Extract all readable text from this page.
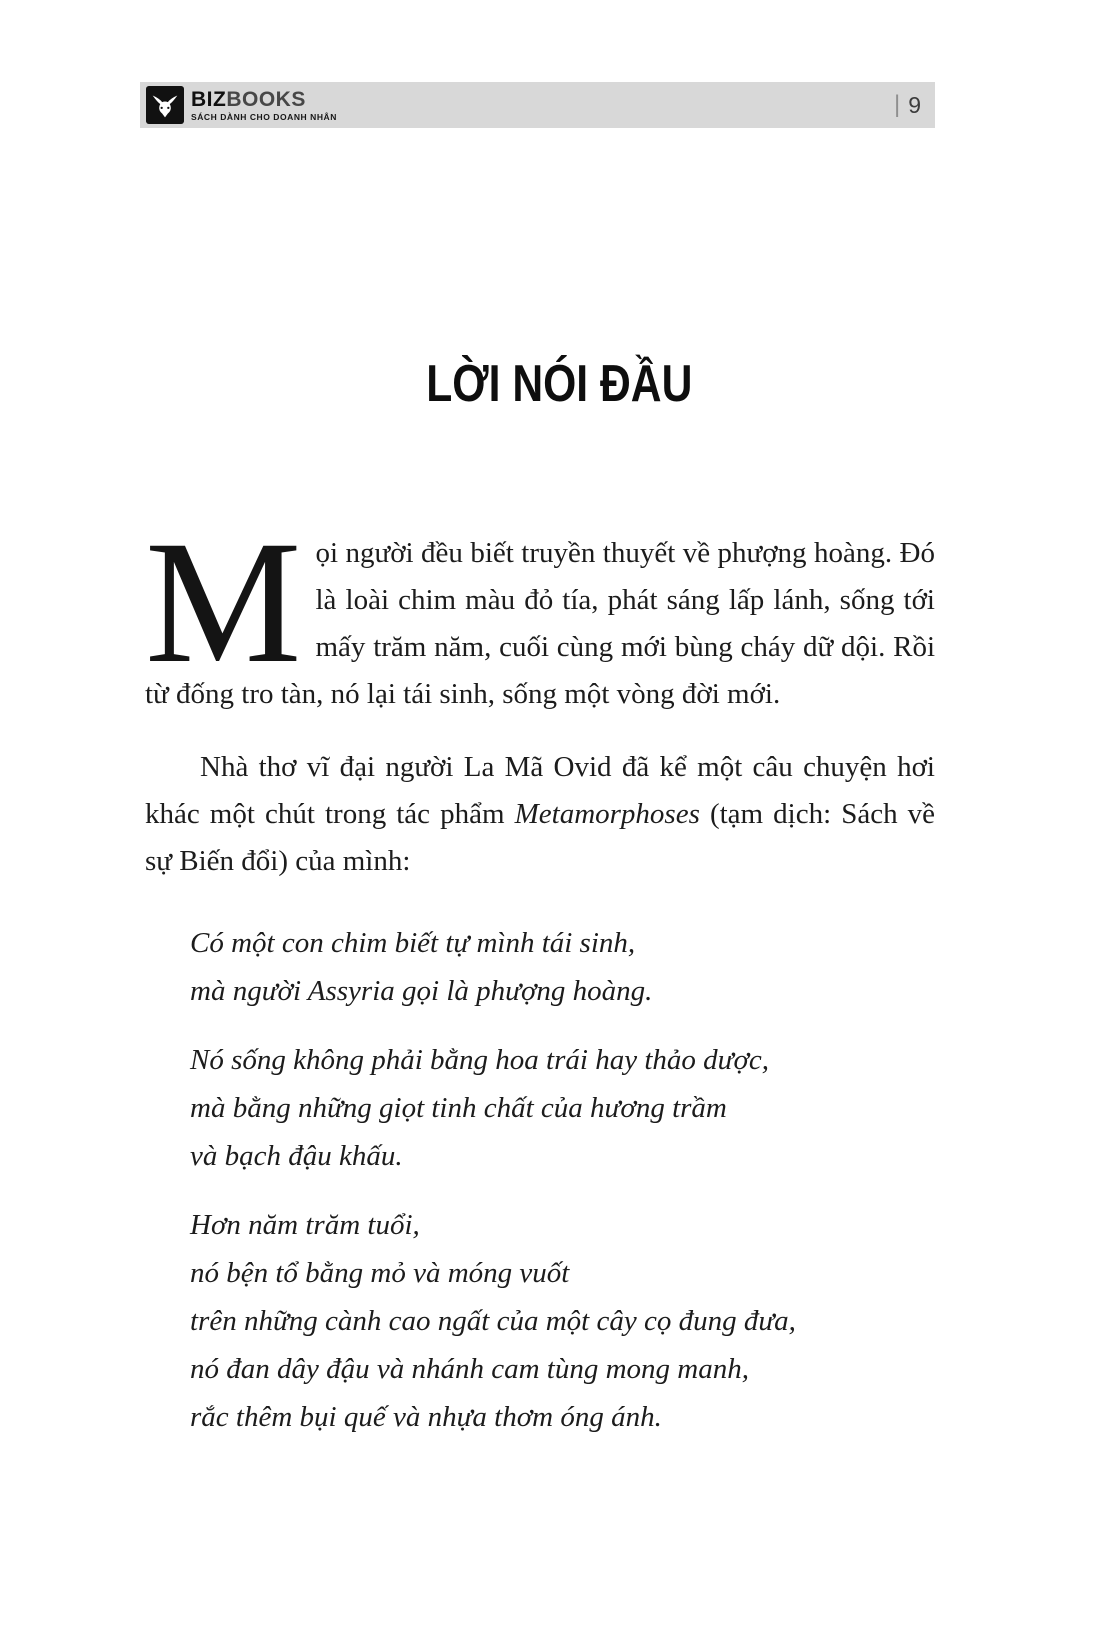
BIZBOOKS
SÁCH DÀNH CHO DOANH NHÂN	| 9
LỜI NÓI ĐẦU

Mọi người đều biết truyền thuyết về phượng hoàng. Đó là loài chim màu đỏ tía, phát sáng lấp lánh, sống tới mấy trăm năm, cuối cùng mới bùng cháy dữ dội. Rồi từ đống tro tàn, nó lại tái sinh, sống một vòng đời mới.

Nhà thơ vĩ đại người La Mã Ovid đã kể một câu chuyện hơi khác một chút trong tác phẩm Metamorphoses (tạm dịch: Sách về sự Biến đổi) của mình:

Có một con chim biết tự mình tái sinh,
mà người Assyria gọi là phượng hoàng.
Nó sống không phải bằng hoa trái hay thảo dược,
mà bằng những giọt tinh chất của hương trầm
và bạch đậu khấu.
Hơn năm trăm tuổi,
nó bện tổ bằng mỏ và móng vuốt
trên những cành cao ngất của một cây cọ đung đưa,
nó đan dây đậu và nhánh cam tùng mong manh,
rắc thêm bụi quế và nhựa thơm óng ánh.
